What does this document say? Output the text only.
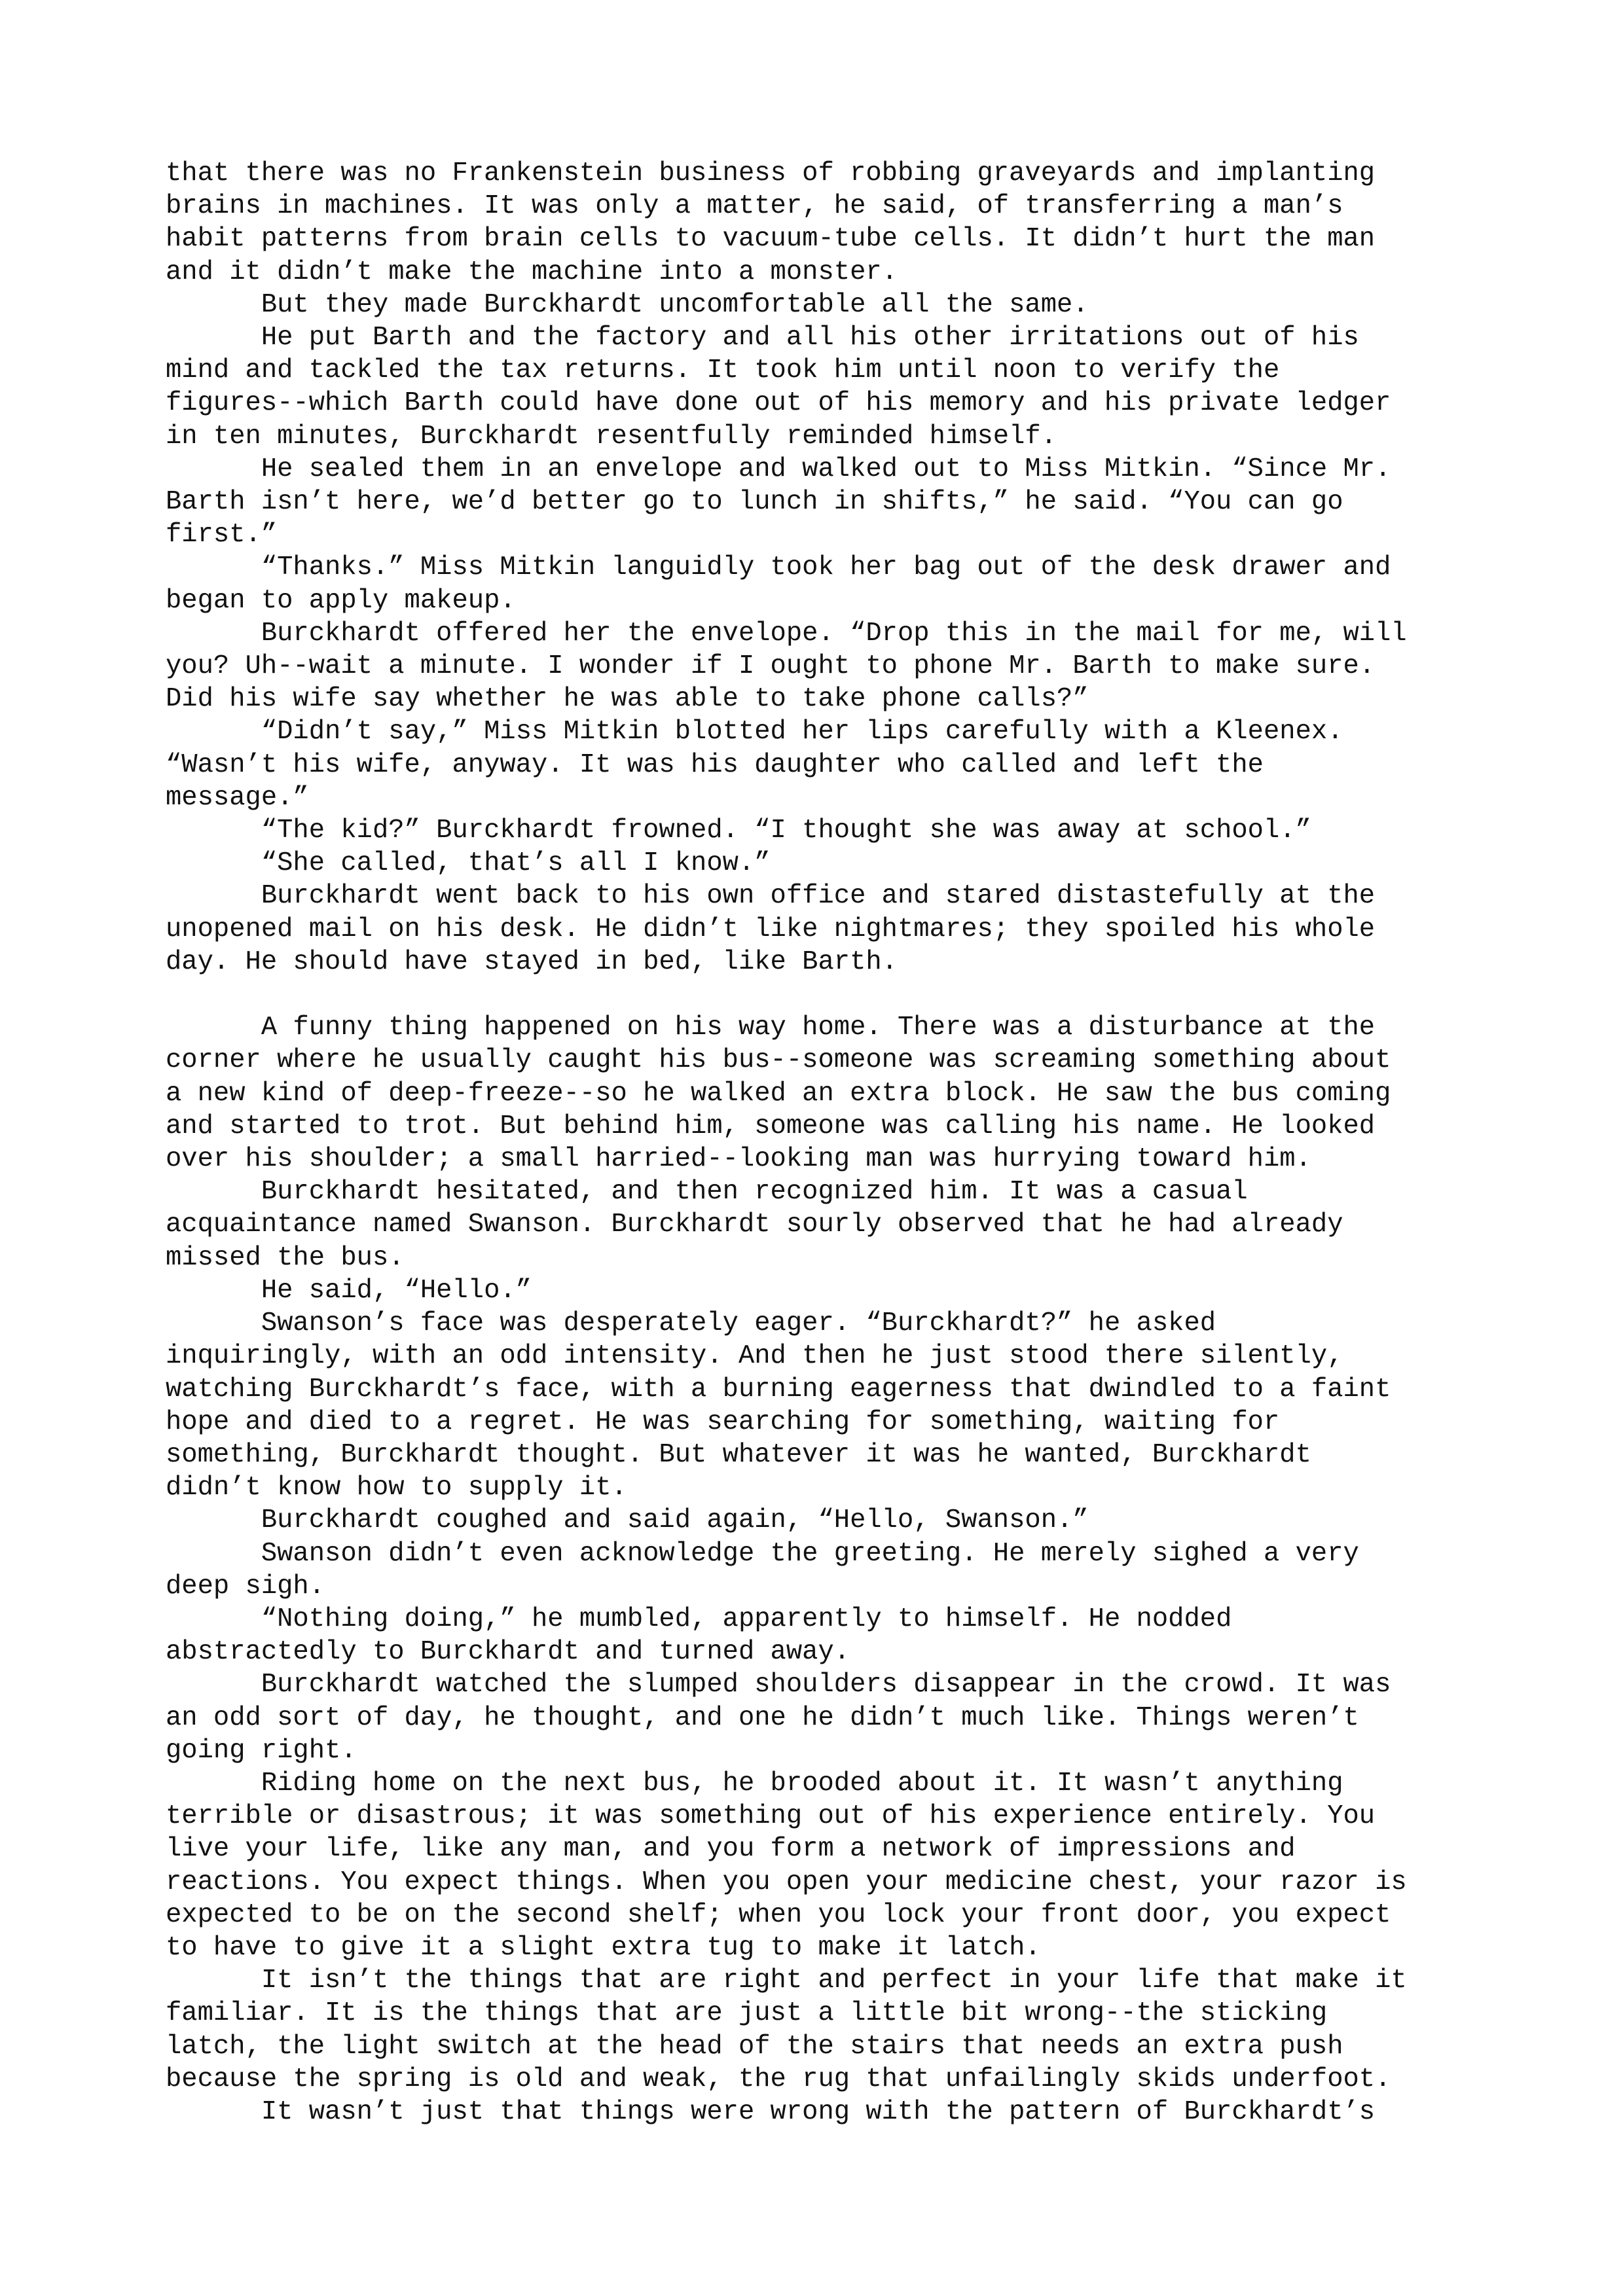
that there was no Frankenstein business of robbing graveyards and implanting
brains in machines. It was only a matter, he said, of transferring a man’s
habit patterns from brain cells to vacuum-tube cells. It didn’t hurt the man
and it didn’t make the machine into a monster.

But they made Burckhardt uncomfortable all the same.

He put Barth and the factory and all his other irritations out of his
mind and tackled the tax returns. It took him until noon to verify the
figures--which Barth could have done out of his memory and his private ledger
in ten minutes, Burckhardt resentfully reminded himself.

He sealed them in an envelope and walked out to Miss Mitkin. “Since Mr.
Barth isn’t here, we’d better go to lunch in shifts,” he said. “You can go
first.”

“Thanks.” Miss Mitkin languidly took her bag out of the desk drawer and
began to apply makeup.

Burckhardt offered her the envelope. “Drop this in the mail for me, will
you? Uh--wait a minute. I wonder if I ought to phone Mr. Barth to make sure.
Did his wife say whether he was able to take phone calls?”

“Didn’t say,” Miss Mitkin blotted her lips carefully with a Kleenex.
“Wasn’t his wife, anyway. It was his daughter who called and left the
message.”

“The kid?” Burckhardt frowned. “I thought she was away at school.”

“She called, that’s all I know.”

Burckhardt went back to his own office and stared distastefully at the
unopened mail on his desk. He didn’t like nightmares; they spoiled his whole
day. He should have stayed in bed, like Barth.

A funny thing happened on his way home. There was a disturbance at the
corner where he usually caught his bus--someone was screaming something about
a new kind of deep-freeze--so he walked an extra block. He saw the bus coming
and started to trot. But behind him, someone was calling his name. He looked
over his shoulder; a small harried--looking man was hurrying toward him.

Burckhardt hesitated, and then recognized him. It was a casual
acquaintance named Swanson. Burckhardt sourly observed that he had already
missed the bus.

He said, “Hello.”

Swanson’s face was desperately eager. “Burckhardt?” he asked
inquiringly, with an odd intensity. And then he just stood there silently,
watching Burckhardt’s face, with a burning eagerness that dwindled to a faint
hope and died to a regret. He was searching for something, waiting for
something, Burckhardt thought. But whatever it was he wanted, Burckhardt
didn’t know how to supply it.

Burckhardt coughed and said again, “Hello, Swanson.”

Swanson didn’t even acknowledge the greeting. He merely sighed a very
deep sigh.

“Nothing doing,” he mumbled, apparently to himself. He nodded
abstractedly to Burckhardt and turned away.

Burckhardt watched the slumped shoulders disappear in the crowd. It was
an odd sort of day, he thought, and one he didn’t much like. Things weren’t
going right.

Riding home on the next bus, he brooded about it. It wasn’t anything
terrible or disastrous; it was something out of his experience entirely. You
live your life, like any man, and you form a network of impressions and
reactions. You expect things. When you open your medicine chest, your razor is
expected to be on the second shelf; when you lock your front door, you expect
to have to give it a slight extra tug to make it latch.

It isn’t the things that are right and perfect in your life that make it
familiar. It is the things that are just a little bit wrong--the sticking
latch, the light switch at the head of the stairs that needs an extra push
because the spring is old and weak, the rug that unfailingly skids underfoot.

It wasn’t just that things were wrong with the pattern of Burckhardt’s
